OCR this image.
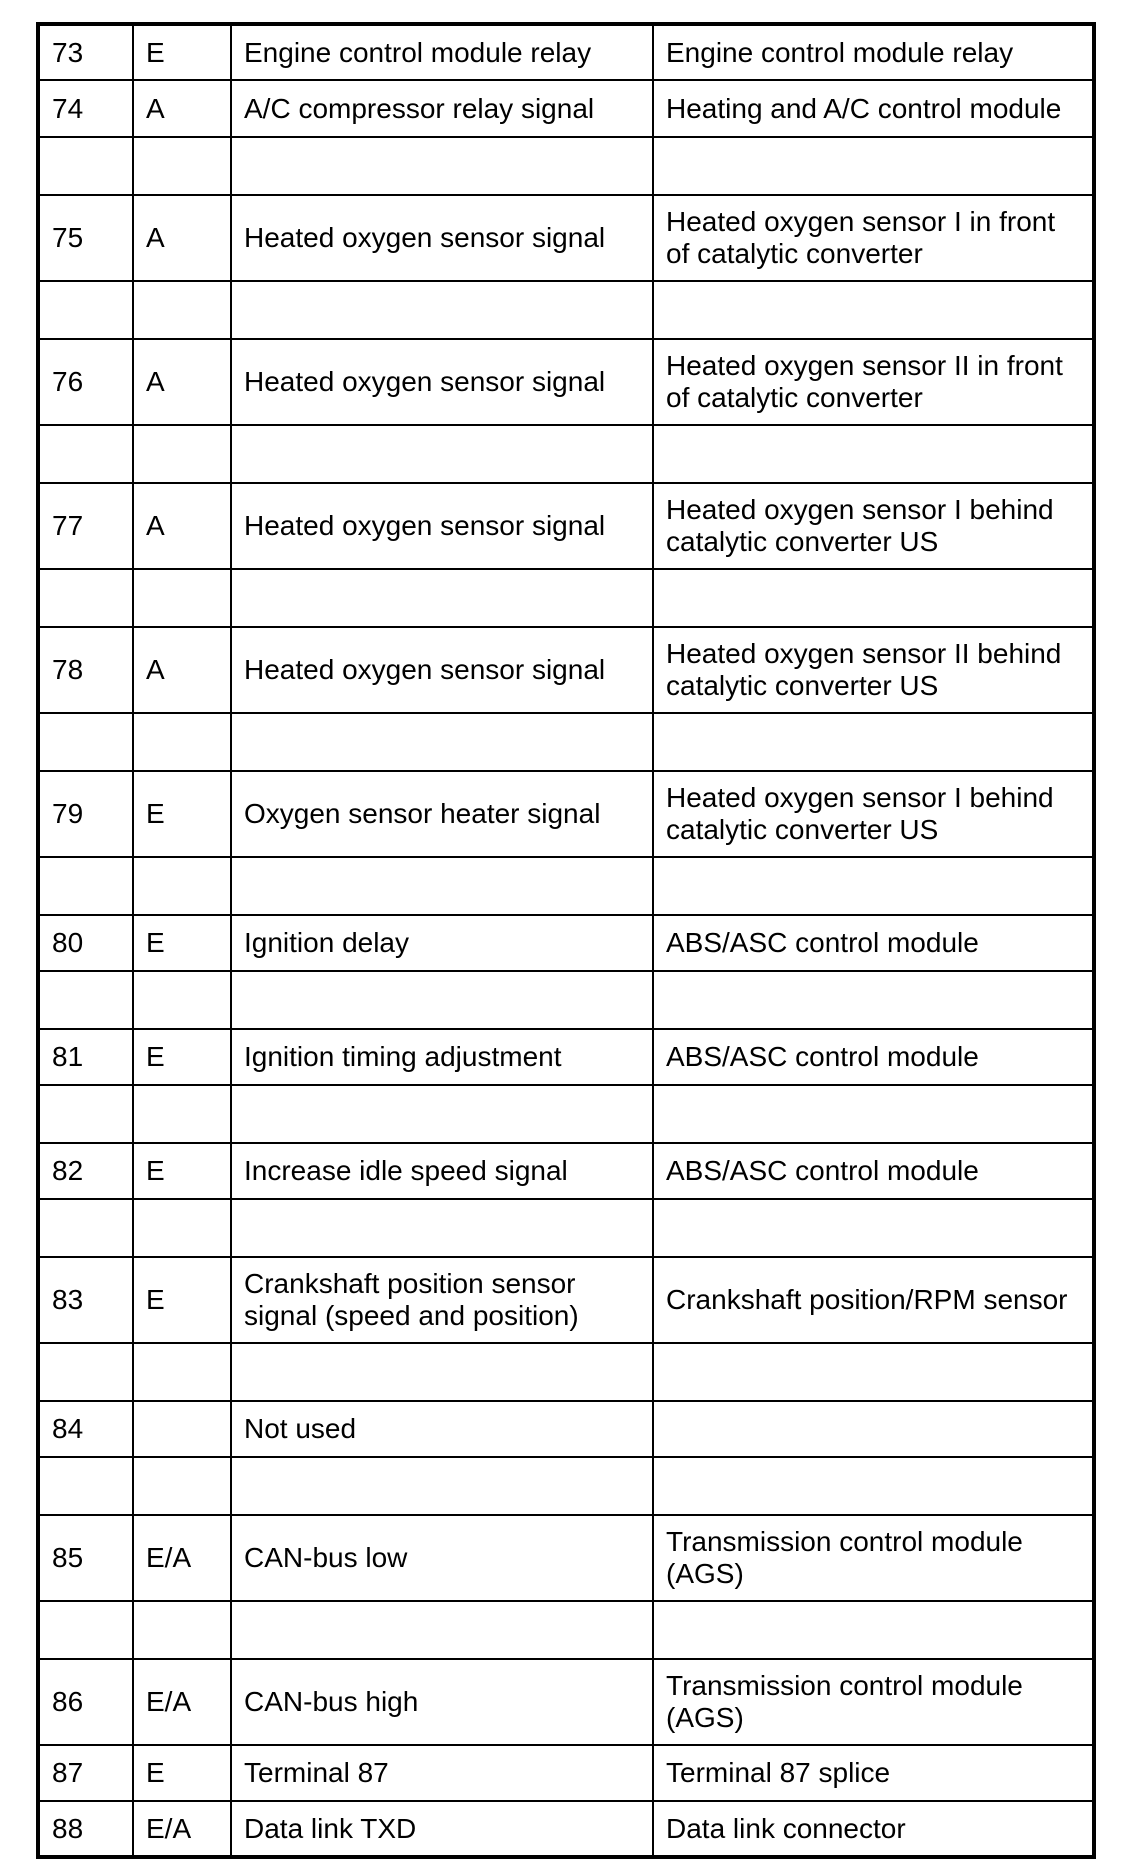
73	E	Engine control module relay	Engine control module relay
74	A	A/C compressor relay signal	Heating and A/C control module

75	A	Heated oxygen sensor signal	Heated oxygen sensor I in front of catalytic converter

76	A	Heated oxygen sensor signal	Heated oxygen sensor II in front of catalytic converter

77	A	Heated oxygen sensor signal	Heated oxygen sensor I behind catalytic converter US

78	A	Heated oxygen sensor signal	Heated oxygen sensor II behind catalytic converter US

79	E	Oxygen sensor heater signal	Heated oxygen sensor I behind catalytic converter US

80	E	Ignition delay	ABS/ASC control module

81	E	Ignition timing adjustment	ABS/ASC control module

82	E	Increase idle speed signal	ABS/ASC control module

83	E	Crankshaft position sensor signal (speed and position)	Crankshaft position/RPM sensor

84		Not used	

85	E/A	CAN-bus low	Transmission control module (AGS)

86	E/A	CAN-bus high	Transmission control module (AGS)
87	E	Terminal 87	Terminal 87 splice
88	E/A	Data link TXD	Data link connector
